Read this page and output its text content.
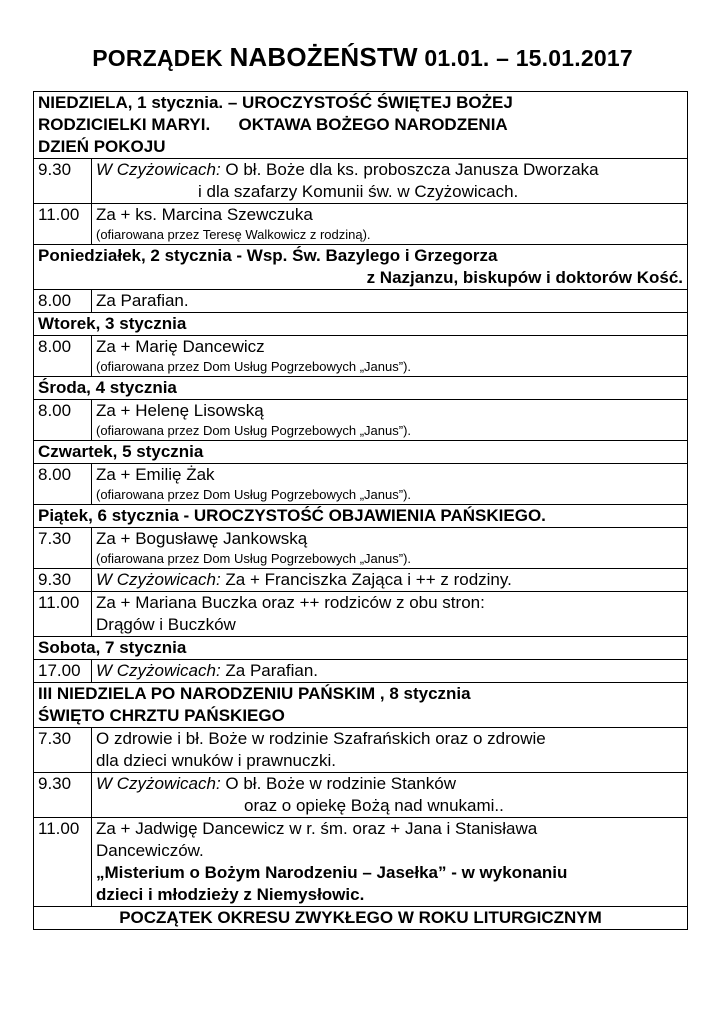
PORZĄDEK NABOŻEŃSTW 01.01. – 15.01.2017
NIEDZIELA, 1 stycznia. – UROCZYSTOŚĆ ŚWIĘTEJ BOŻEJ
RODZICIELKI MARYI.      OKTAWA BOŻEGO NARODZENIA
DZIEŃ POKOJU	

9.30	W Czyżowicach: O bł. Boże dla ks. proboszcza Janusza Dworzaka
i dla szafarzy Komunii św. w Czyżowicach.

11.00	Za + ks. Marcina Szewczuka
(ofiarowana przez Teresę Walkowicz z rodziną).

Poniedziałek, 2 stycznia - Wsp. Św. Bazylego i Grzegorza
z Nazjanzu, biskupów i doktorów Kość.	

8.00	Za Parafian.
Wtorek, 3 stycznia	
8.00	Za + Marię Dancewicz
(ofiarowana przez Dom Usług Pogrzebowych „Janus”).

Środa, 4 stycznia	
8.00	Za + Helenę Lisowską
(ofiarowana przez Dom Usług Pogrzebowych „Janus”).

Czwartek, 5 stycznia	
8.00	Za + Emilię Żak
(ofiarowana przez Dom Usług Pogrzebowych „Janus”).

Piątek, 6 stycznia - UROCZYSTOŚĆ OBJAWIENIA PAŃSKIEGO.	
7.30	Za + Bogusławę Jankowską
(ofiarowana przez Dom Usług Pogrzebowych „Janus”).

9.30	W Czyżowicach: Za + Franciszka Zająca i ++ z rodziny.
11.00	Za + Mariana Buczka oraz ++ rodziców z obu stron:
Drągów i Buczków

Sobota, 7 stycznia	
17.00	W Czyżowicach: Za Parafian.

III NIEDZIELA PO NARODZENIU PAŃSKIM , 8 stycznia
ŚWIĘTO CHRZTU PAŃSKIEGO	

7.30	O zdrowie i bł. Boże w rodzinie Szafrańskich oraz o zdrowie
dla dzieci wnuków i prawnuczki.

9.30	W Czyżowicach: O bł. Boże w rodzinie Stanków
oraz o opiekę Bożą nad wnukami..

11.00	Za + Jadwigę Dancewicz w r. śm. oraz + Jana i Stanisława
Dancewiczów.
„Misterium o Bożym Narodzeniu – Jasełka” - w wykonaniu
dzieci i młodzieży z Niemysłowic.

POCZĄTEK OKRESU ZWYKŁEGO W ROKU LITURGICZNYM	
